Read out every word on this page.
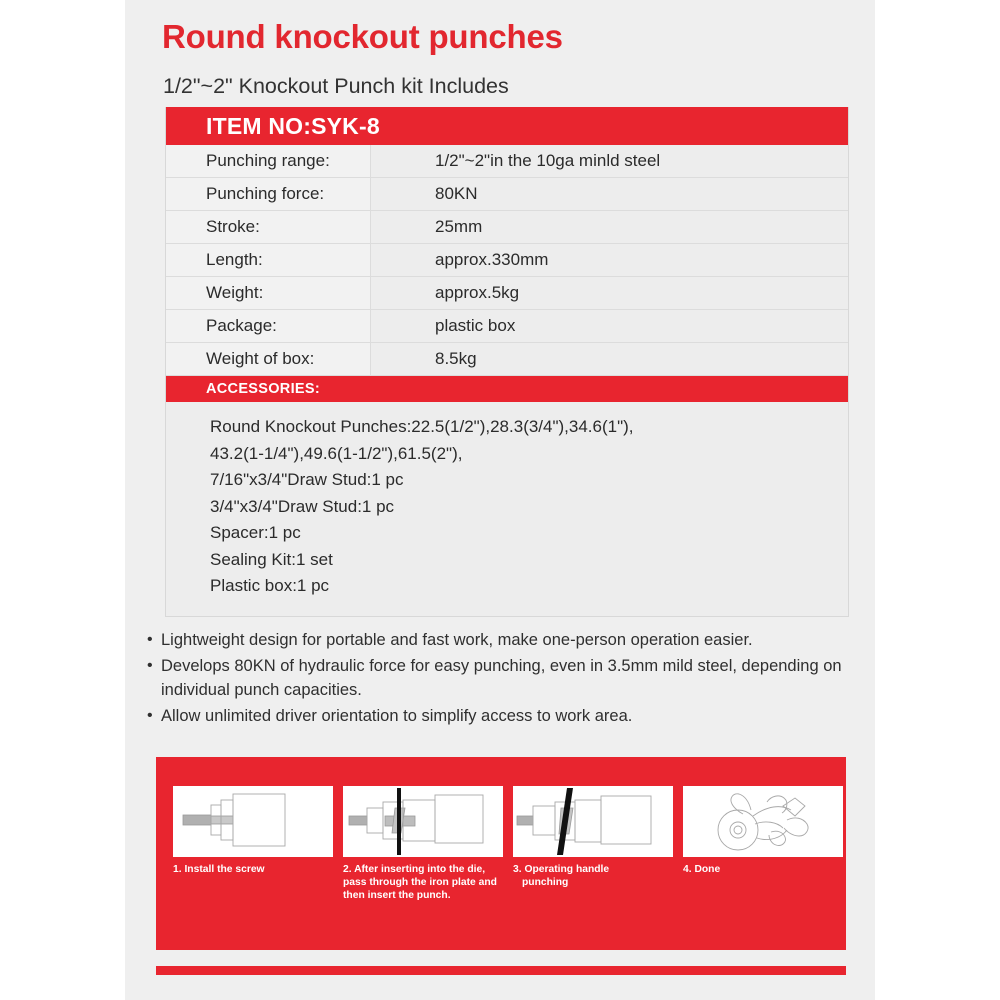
Round knockout punches
1/2"~2" Knockout Punch kit Includes
ITEM NO:SYK-8
Punching range:	1/2"~2"in the 10ga minld steel
Punching force:	80KN
Stroke:	25mm
Length:	approx.330mm
Weight:	approx.5kg
Package:	plastic box
Weight of box:	8.5kg
ACCESSORIES:
Round Knockout Punches:22.5(1/2"),28.3(3/4"),34.6(1"),
43.2(1-1/4"),49.6(1-1/2"),61.5(2"),
7/16"x3/4"Draw Stud:1 pc
3/4"x3/4"Draw Stud:1 pc
Spacer:1 pc
Sealing Kit:1 set
Plastic box:1 pc
• Lightweight design for portable and fast work, make one-person operation easier.
• Develops 80KN of hydraulic force for easy punching, even in 3.5mm mild steel, depending on individual punch capacities.
• Allow unlimited driver orientation to simplify access to work area.
1. Install the screw	2. After inserting into the die, pass through the iron plate and then insert the punch.
3. Operating handle
punching
4. Done
